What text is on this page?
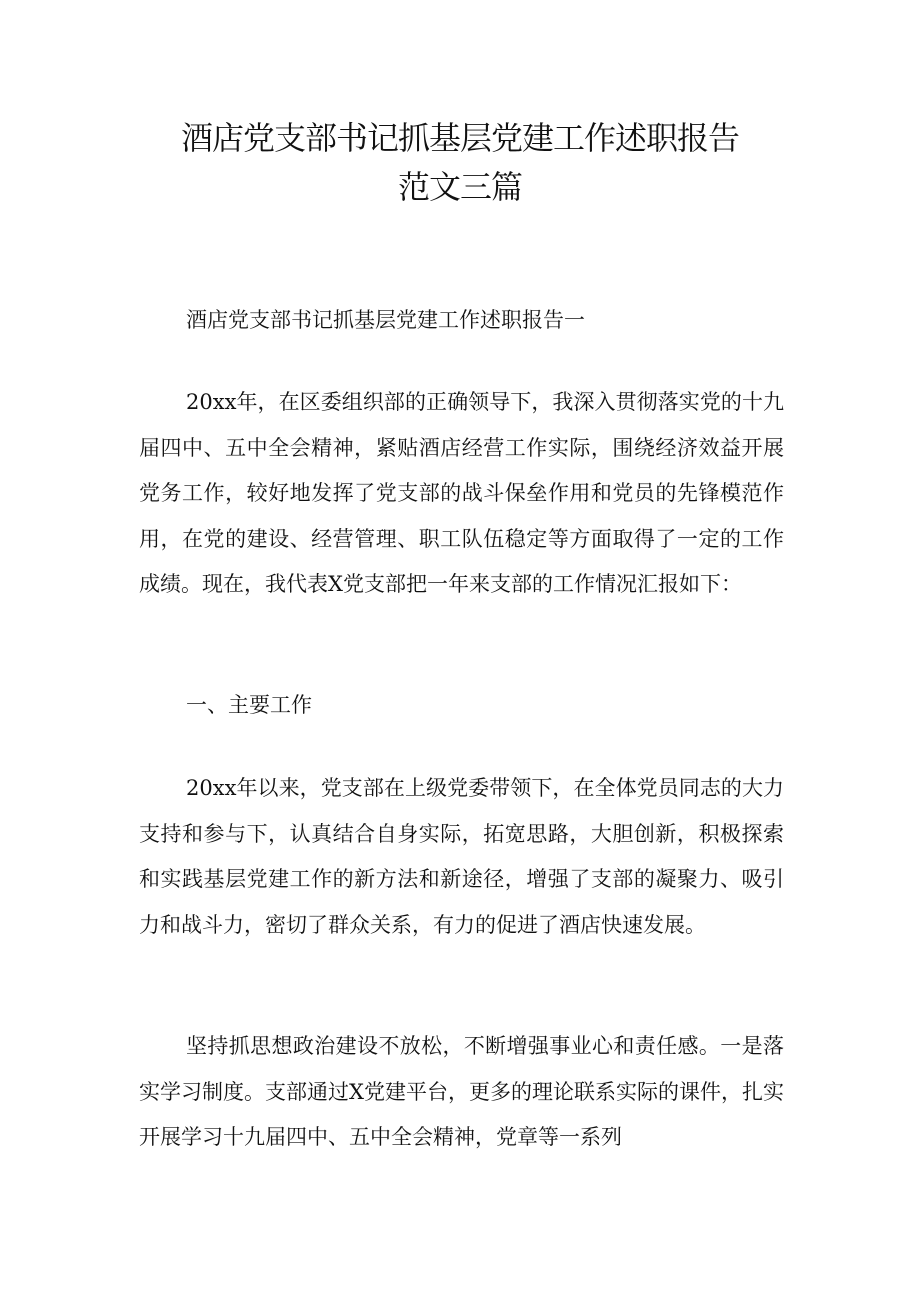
酒店党支部书记抓基层党建工作述职报告
范文三篇

酒店党支部书记抓基层党建工作述职报告一

20xx年，在区委组织部的正确领导下，我深入贯彻落实党的十九届四中、五中全会精神，紧贴酒店经营工作实际，围绕经济效益开展党务工作，较好地发挥了党支部的战斗保垒作用和党员的先锋模范作用，在党的建设、经营管理、职工队伍稳定等方面取得了一定的工作成绩。现在，我代表X党支部把一年来支部的工作情况汇报如下：

一、主要工作

20xx年以来，党支部在上级党委带领下，在全体党员同志的大力支持和参与下，认真结合自身实际，拓宽思路，大胆创新，积极探索和实践基层党建工作的新方法和新途径，增强了支部的凝聚力、吸引力和战斗力，密切了群众关系，有力的促进了酒店快速发展。

坚持抓思想政治建设不放松，不断增强事业心和责任感。一是落实学习制度。支部通过X党建平台，更多的理论联系实际的课件，扎实开展学习十九届四中、五中全会精神，党章等一系列
